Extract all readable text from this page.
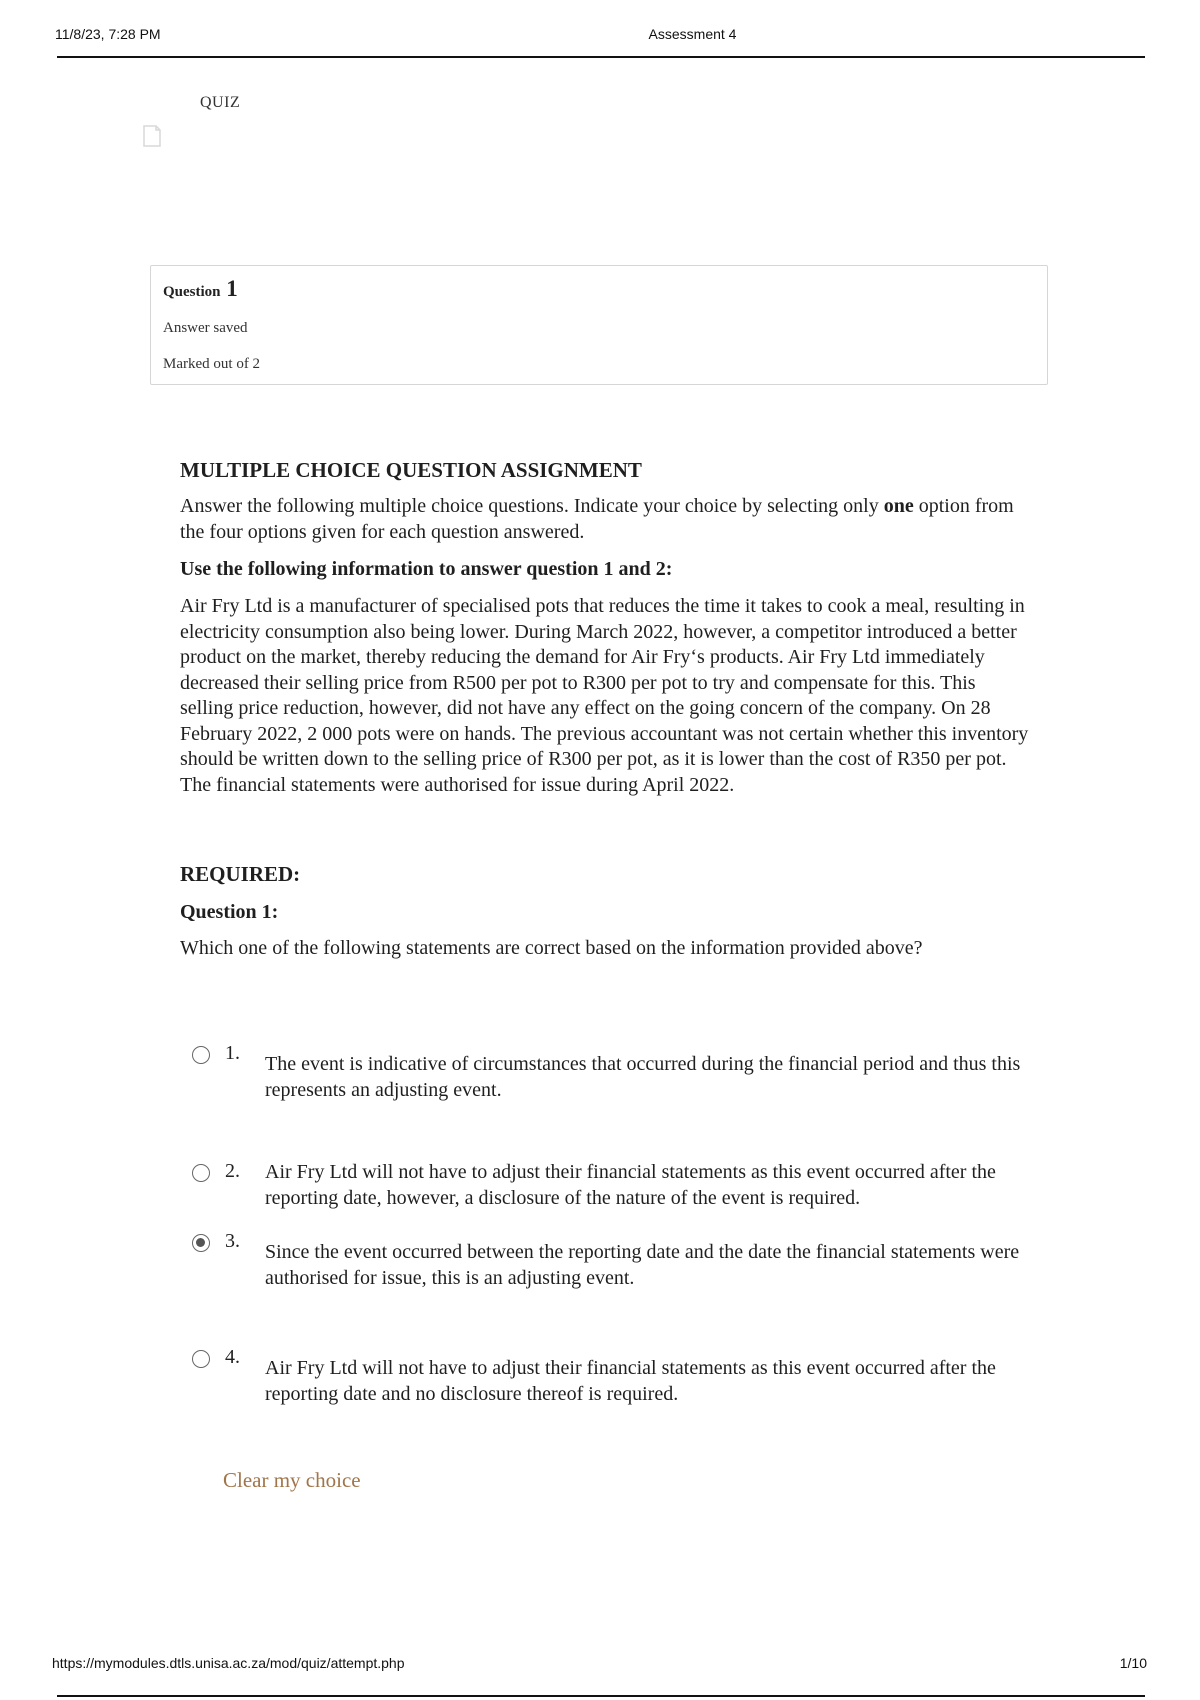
11/8/23, 7:28 PM	Assessment 4
QUIZ
Question 1
Answer saved
Marked out of 2
MULTIPLE CHOICE QUESTION ASSIGNMENT
Answer the following multiple choice questions. Indicate your choice by selecting only one option from the four options given for each question answered.
Use the following information to answer question 1 and 2:
Air Fry Ltd is a manufacturer of specialised pots that reduces the time it takes to cook a meal, resulting in electricity consumption also being lower. During March 2022, however, a competitor introduced a better product on the market, thereby reducing the demand for Air Fry‘s products. Air Fry Ltd immediately decreased their selling price from R500 per pot to R300 per pot to try and compensate for this. This selling price reduction, however, did not have any effect on the going concern of the company. On 28 February 2022, 2 000 pots were on hands. The previous accountant was not certain whether this inventory should be written down to the selling price of R300 per pot, as it is lower than the cost of R350 per pot. The financial statements were authorised for issue during April 2022.
REQUIRED:
Question 1:
Which one of the following statements are correct based on the information provided above?
1. The event is indicative of circumstances that occurred during the financial period and thus this represents an adjusting event.
2. Air Fry Ltd will not have to adjust their financial statements as this event occurred after the reporting date, however, a disclosure of the nature of the event is required.
3. Since the event occurred between the reporting date and the date the financial statements were authorised for issue, this is an adjusting event.
4. Air Fry Ltd will not have to adjust their financial statements as this event occurred after the reporting date and no disclosure thereof is required.
Clear my choice
https://mymodules.dtls.unisa.ac.za/mod/quiz/attempt.php	1/10
